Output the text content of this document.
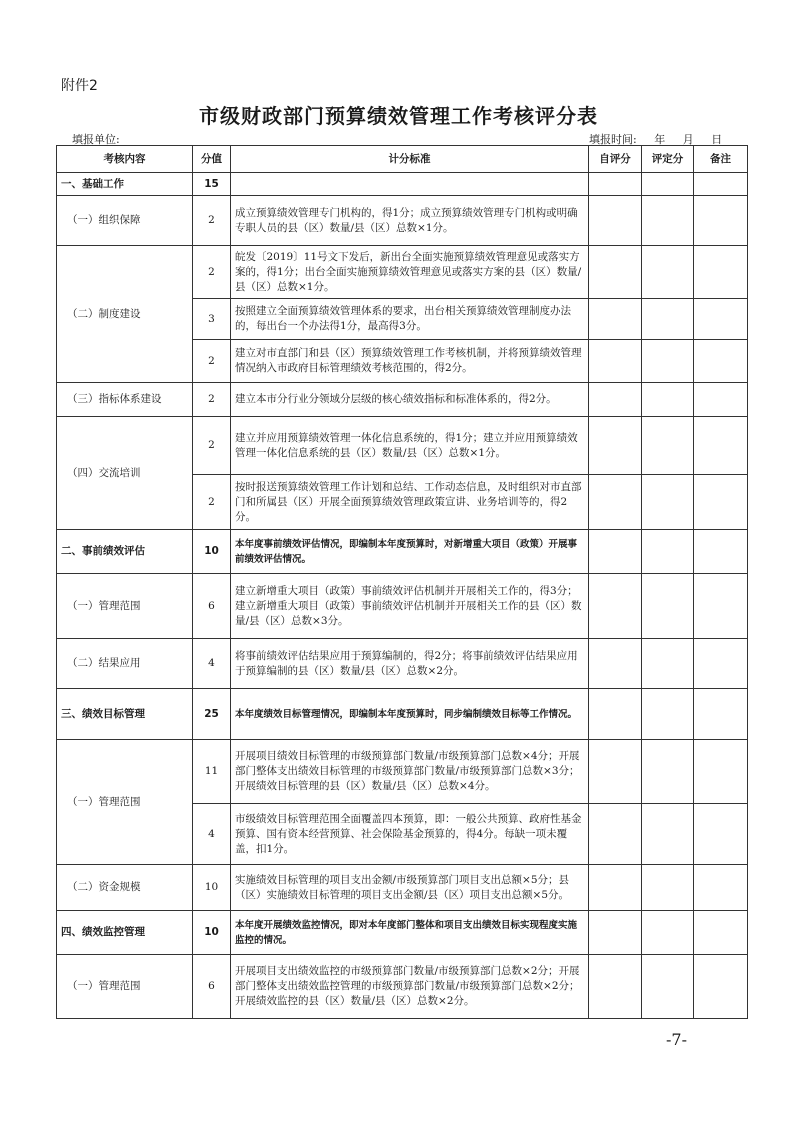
附件2
市级财政部门预算绩效管理工作考核评分表
填报单位:	填报时间: 年 月 日
考核内容	分值	计分标准	自评分	评定分	备注
一、基础工作	15				
（一）组织保障	2	成立预算绩效管理专门机构的，得1分；成立预算绩效管理专门机构或明确专职人员的县（区）数量/县（区）总数×1分。			
（二）制度建设	2	皖发〔2019〕11号文下发后，新出台全面实施预算绩效管理意见或落实方案的，得1分；出台全面实施预算绩效管理意见或落实方案的县（区）数量/县（区）总数×1分。			
	3	按照建立全面预算绩效管理体系的要求，出台相关预算绩效管理制度办法的，每出台一个办法得1分，最高得3分。			
	2	建立对市直部门和县（区）预算绩效管理工作考核机制，并将预算绩效管理情况纳入市政府目标管理绩效考核范围的，得2分。			
（三）指标体系建设	2	建立本市分行业分领域分层级的核心绩效指标和标准体系的，得2分。			
（四）交流培训	2	建立并应用预算绩效管理一体化信息系统的，得1分；建立并应用预算绩效管理一体化信息系统的县（区）数量/县（区）总数×1分。			
	2	按时报送预算绩效管理工作计划和总结、工作动态信息，及时组织对市直部门和所属县（区）开展全面预算绩效管理政策宣讲、业务培训等的，得2分。			
二、事前绩效评估	10	本年度事前绩效评估情况，即编制本年度预算时，对新增重大项目（政策）开展事前绩效评估情况。			
（一）管理范围	6	建立新增重大项目（政策）事前绩效评估机制并开展相关工作的，得3分；建立新增重大项目（政策）事前绩效评估机制并开展相关工作的县（区）数量/县（区）总数×3分。			
（二）结果应用	4	将事前绩效评估结果应用于预算编制的，得2分；将事前绩效评估结果应用于预算编制的县（区）数量/县（区）总数×2分。			
三、绩效目标管理	25	本年度绩效目标管理情况，即编制本年度预算时，同步编制绩效目标等工作情况。			
（一）管理范围	11	开展项目绩效目标管理的市级预算部门数量/市级预算部门总数×4分；开展部门整体支出绩效目标管理的市级预算部门数量/市级预算部门总数×3分；开展绩效目标管理的县（区）数量/县（区）总数×4分。			
	4	市级绩效目标管理范围全面覆盖四本预算，即：一般公共预算、政府性基金预算、国有资本经营预算、社会保险基金预算的，得4分。每缺一项未覆盖，扣1分。			
（二）资金规模	10	实施绩效目标管理的项目支出金额/市级预算部门项目支出总额×5分；县（区）实施绩效目标管理的项目支出金额/县（区）项目支出总额×5分。			
四、绩效监控管理	10	本年度开展绩效监控情况，即对本年度部门整体和项目支出绩效目标实现程度实施监控的情况。			
（一）管理范围	6	开展项目支出绩效监控的市级预算部门数量/市级预算部门总数×2分；开展部门整体支出绩效监控管理的市级预算部门数量/市级预算部门总数×2分；开展绩效监控的县（区）数量/县（区）总数×2分。			
-7-
